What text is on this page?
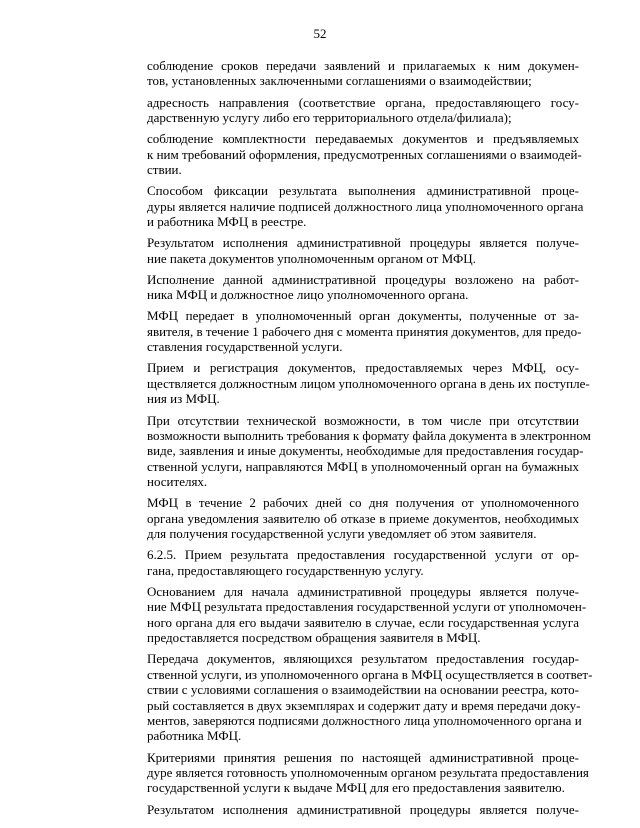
52
соблюдение сроков передачи заявлений и прилагаемых к ним докумен-
тов, установленных заключенными соглашениями о взаимодействии;
адресность направления (соответствие органа, предоставляющего госу-
дарственную услугу либо его территориального отдела/филиала);
соблюдение комплектности передаваемых документов и предъявляемых
к ним требований оформления, предусмотренных соглашениями о взаимодей-
ствии.
Способом фиксации результата выполнения административной проце-
дуры является наличие подписей должностного лица уполномоченного органа
и работника МФЦ в реестре.
Результатом исполнения административной процедуры является получе-
ние пакета документов уполномоченным органом от МФЦ.
Исполнение данной административной процедуры возложено на работ-
ника МФЦ и должностное лицо уполномоченного органа.
МФЦ передает в уполномоченный орган документы, полученные от за-
явителя, в течение 1 рабочего дня с момента принятия документов, для предо-
ставления государственной услуги.
Прием и регистрация документов, предоставляемых через МФЦ, осу-
ществляется должностным лицом уполномоченного органа в день их поступле-
ния из МФЦ.
При отсутствии технической возможности, в том числе при отсутствии
возможности выполнить требования к формату файла документа в электронном
виде, заявления и иные документы, необходимые для предоставления государ-
ственной услуги, направляются МФЦ в уполномоченный орган на бумажных
носителях.
МФЦ в течение 2 рабочих дней со дня получения от уполномоченного
органа уведомления заявителю об отказе в приеме документов, необходимых
для получения государственной услуги уведомляет об этом заявителя.
6.2.5. Прием результата предоставления государственной услуги от ор-
гана, предоставляющего государственную услугу.
Основанием для начала административной процедуры является получе-
ние МФЦ результата предоставления государственной услуги от уполномочен-
ного органа для его выдачи заявителю в случае, если государственная услуга
предоставляется посредством обращения заявителя в МФЦ.
Передача документов, являющихся результатом предоставления государ-
ственной услуги, из уполномоченного органа в МФЦ осуществляется в соответ-
ствии с условиями соглашения о взаимодействии на основании реестра, кото-
рый составляется в двух экземплярах и содержит дату и время передачи доку-
ментов, заверяются подписями должностного лица уполномоченного органа и
работника МФЦ.
Критериями принятия решения по настоящей административной проце-
дуре является готовность уполномоченным органом результата предоставления
государственной услуги к выдаче МФЦ для его предоставления заявителю.
Результатом исполнения административной процедуры является получе-
